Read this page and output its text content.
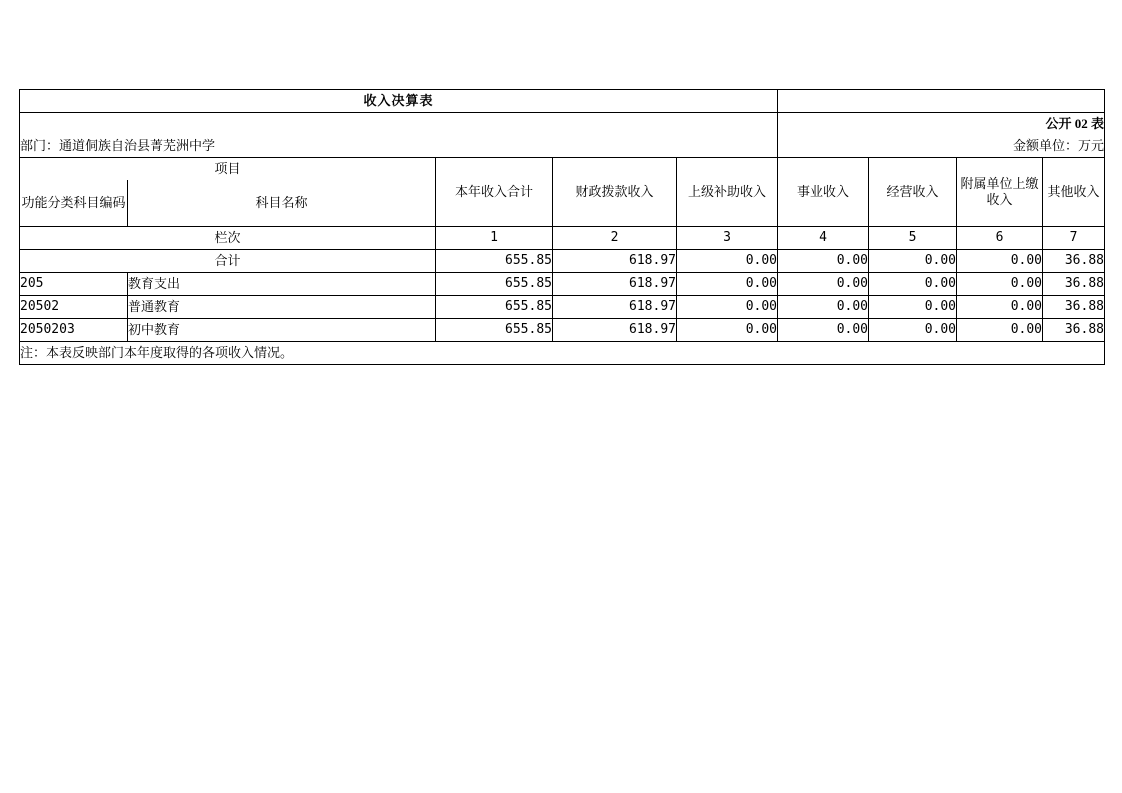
收入决算表								
					公开 02 表			
部门：通道侗族自治县菁芜洲中学					金额单位：万元			
项目		本年收入合计	财政拨款收入	上级补助收入	事业收入	经营收入	附属单位上缴收入	其他收入
功能分类科目编码	科目名称							
栏次		1	2	3	4	5	6	7
合计		655.85	618.97	0.00	0.00	0.00	0.00	36.88
205	教育支出	655.85	618.97	0.00	0.00	0.00	0.00	36.88
20502	普通教育	655.85	618.97	0.00	0.00	0.00	0.00	36.88
2050203	初中教育	655.85	618.97	0.00	0.00	0.00	0.00	36.88
注：本表反映部门本年度取得的各项收入情况。								
